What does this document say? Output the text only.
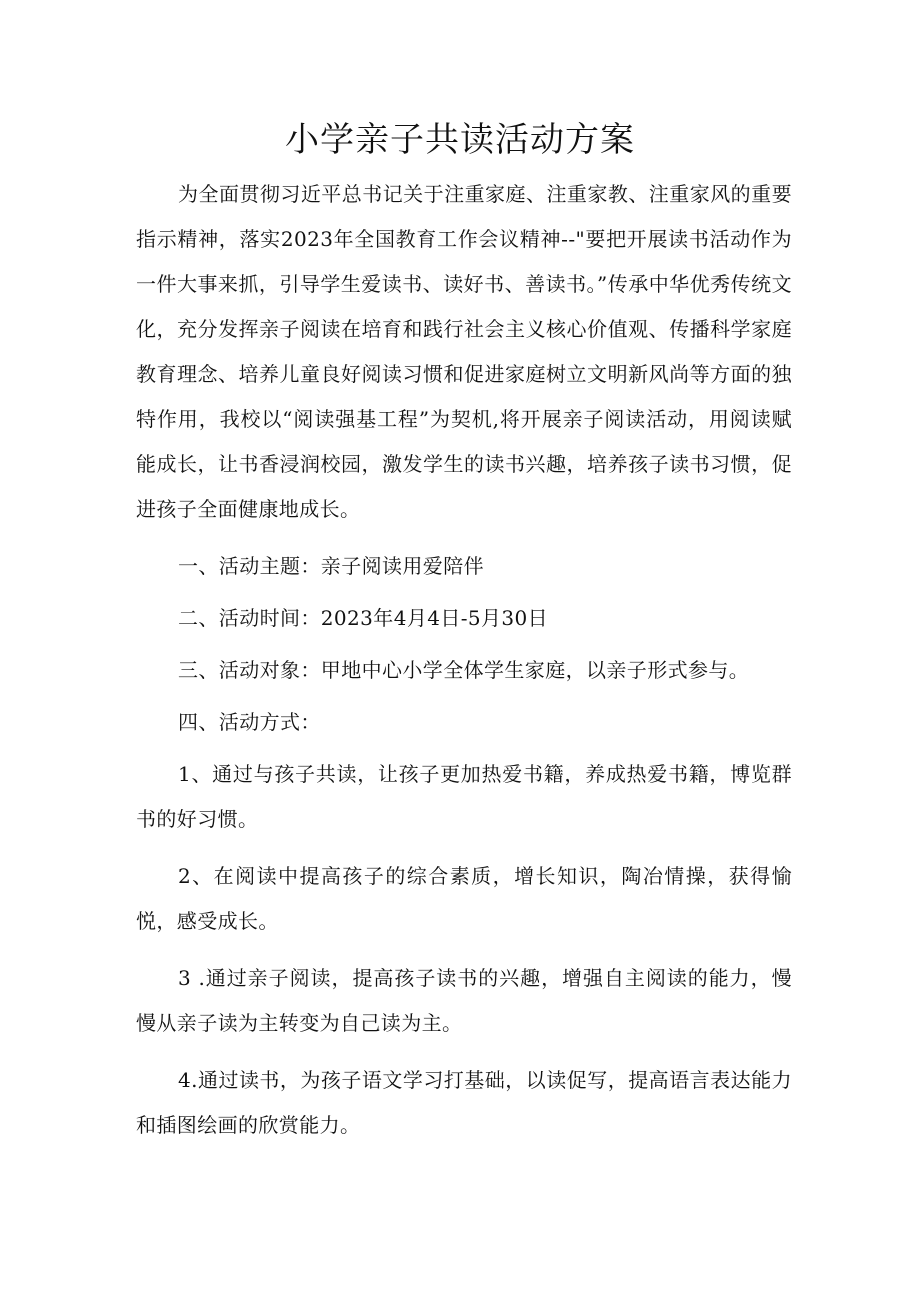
小学亲子共读活动方案

为全面贯彻习近平总书记关于注重家庭、注重家教、注重家风的重要指示精神，落实2023年全国教育工作会议精神--"要把开展读书活动作为一件大事来抓，引导学生爱读书、读好书、善读书。”传承中华优秀传统文化，充分发挥亲子阅读在培育和践行社会主义核心价值观、传播科学家庭教育理念、培养儿童良好阅读习惯和促进家庭树立文明新风尚等方面的独特作用，我校以“阅读强基工程”为契机,将开展亲子阅读活动，用阅读赋能成长，让书香浸润校园，激发学生的读书兴趣，培养孩子读书习惯，促进孩子全面健康地成长。

一、活动主题：亲子阅读用爱陪伴

二、活动时间：2023年4月4日-5月30日

三、活动对象：甲地中心小学全体学生家庭，以亲子形式参与。

四、活动方式：

1、通过与孩子共读，让孩子更加热爱书籍，养成热爱书籍，博览群书的好习惯。

2、在阅读中提高孩子的综合素质，增长知识，陶冶情操，获得愉悦，感受成长。

3 .通过亲子阅读，提高孩子读书的兴趣，增强自主阅读的能力，慢慢从亲子读为主转变为自己读为主。

4.通过读书，为孩子语文学习打基础，以读促写，提高语言表达能力和插图绘画的欣赏能力。
